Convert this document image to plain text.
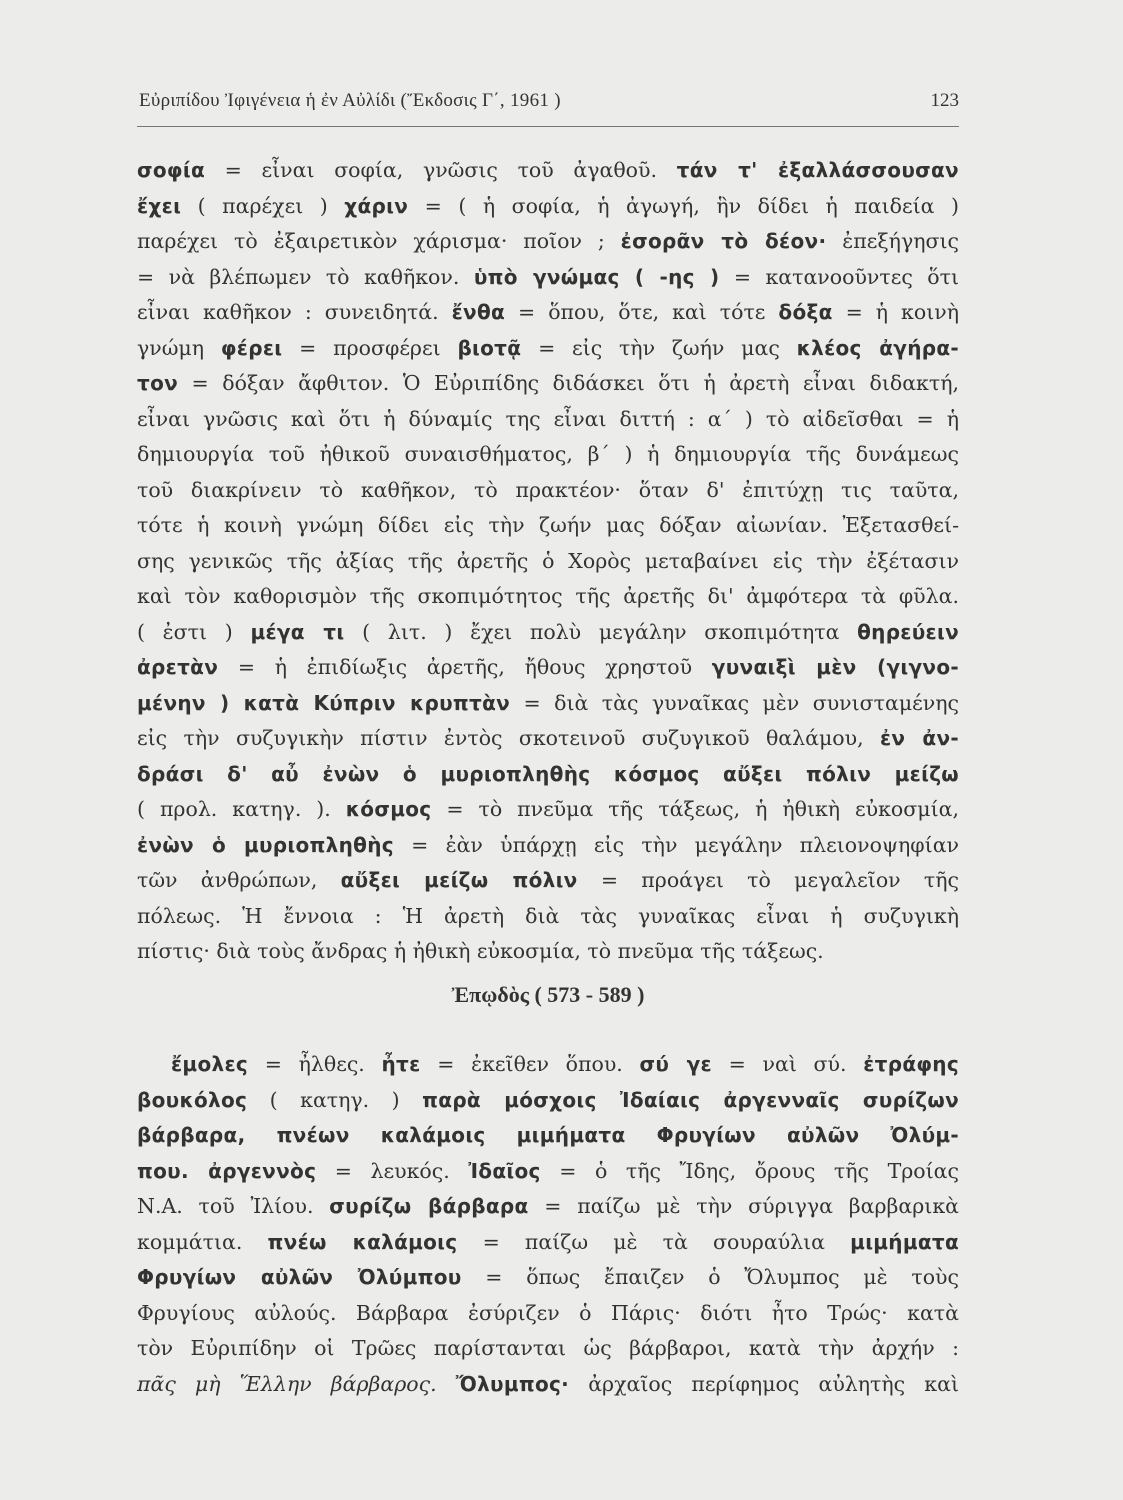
Εὐριπίδου Ἰφιγένεια ἡ ἐν Αὐλίδι (Ἔκδοσις Γ΄, 1961 )	123
σοφία = εἶναι σοφία, γνῶσις τοῦ ἀγαθοῦ. τάν τ' ἐξαλλάσσουσαν
ἔχει ( παρέχει ) χάριν = ( ἡ σοφία, ἡ ἀγωγή, ἣν δίδει ἡ παιδεία )
παρέχει τὸ ἐξαιρετικὸν χάρισμα· ποῖον ; ἐσορᾶν τὸ δέον· ἐπεξήγησις
= νὰ βλέπωμεν τὸ καθῆκον. ὑπὸ γνώμας ( -ης ) = κατανοοῦντες ὅτι
εἶναι καθῆκον : συνειδητά. ἔνθα = ὅπου, ὅτε, καὶ τότε δόξα = ἡ κοινὴ
γνώμη φέρει = προσφέρει βιοτᾷ = εἰς τὴν ζωήν μας κλέος ἀγήρα-
τον = δόξαν ἄφθιτον. Ὁ Εὐριπίδης διδάσκει ὅτι ἡ ἀρετὴ εἶναι διδακτή,
εἶναι γνῶσις καὶ ὅτι ἡ δύναμίς της εἶναι διττή : α΄ ) τὸ αἰδεῖσθαι = ἡ
δημιουργία τοῦ ἠθικοῦ συναισθήματος, β΄ ) ἡ δημιουργία τῆς δυνάμεως
τοῦ διακρίνειν τὸ καθῆκον, τὸ πρακτέον· ὅταν δ' ἐπιτύχῃ τις ταῦτα,
τότε ἡ κοινὴ γνώμη δίδει εἰς τὴν ζωήν μας δόξαν αἰωνίαν. Ἐξετασθεί-
σης γενικῶς τῆς ἀξίας τῆς ἀρετῆς ὁ Χορὸς μεταβαίνει εἰς τὴν ἐξέτασιν
καὶ τὸν καθορισμὸν τῆς σκοπιμότητος τῆς ἀρετῆς δι' ἀμφότερα τὰ φῦλα.
( ἐστι ) μέγα τι ( λιτ. ) ἔχει πολὺ μεγάλην σκοπιμότητα θηρεύειν
ἀρετὰν = ἡ ἐπιδίωξις ἀρετῆς, ἤθους χρηστοῦ γυναιξὶ μὲν (γιγνο-
μένην ) κατὰ Κύπριν κρυπτὰν = διὰ τὰς γυναῖκας μὲν συνισταμένης
εἰς τὴν συζυγικὴν πίστιν ἐντὸς σκοτεινοῦ συζυγικοῦ θαλάμου, ἐν ἀν-
δράσι δ' αὖ ἐνὼν ὁ μυριοπληθὴς κόσμος αὔξει πόλιν μείζω
( προλ. κατηγ. ). κόσμος = τὸ πνεῦμα τῆς τάξεως, ἡ ἠθικὴ εὐκοσμία,
ἐνὼν ὁ μυριοπληθὴς = ἐὰν ὑπάρχῃ εἰς τὴν μεγάλην πλειονοψηφίαν
τῶν ἀνθρώπων, αὔξει μείζω πόλιν = προάγει τὸ μεγαλεῖον τῆς
πόλεως. Ἡ ἔννοια : Ἡ ἀρετὴ διὰ τὰς γυναῖκας εἶναι ἡ συζυγικὴ
πίστις· διὰ τοὺς ἄνδρας ἡ ἠθικὴ εὐκοσμία, τὸ πνεῦμα τῆς τάξεως.
Ἐπῳδὸς ( 573 - 589 )
ἔμολες = ἦλθες. ἦτε = ἐκεῖθεν ὅπου. σύ γε = ναὶ σύ. ἐτράφης
βουκόλος ( κατηγ. ) παρὰ μόσχοις Ἰδαίαις ἀργενναῖς συρίζων
βάρβαρα, πνέων καλάμοις μιμήματα Φρυγίων αὐλῶν Ὀλύμ-
που. ἀργεννὸς = λευκός. Ἰδαῖος = ὁ τῆς Ἴδης, ὄρους τῆς Τροίας
Ν.Α. τοῦ Ἰλίου. συρίζω βάρβαρα = παίζω μὲ τὴν σύριγγα βαρβαρικὰ
κομμάτια. πνέω καλάμοις = παίζω μὲ τὰ σουραύλια μιμήματα
Φρυγίων αὐλῶν Ὀλύμπου = ὅπως ἔπαιζεν ὁ Ὄλυμπος μὲ τοὺς
Φρυγίους αὐλούς. Βάρβαρα ἐσύριζεν ὁ Πάρις· διότι ἦτο Τρώς· κατὰ
τὸν Εὐριπίδην οἱ Τρῶες παρίστανται ὡς βάρβαροι, κατὰ τὴν ἀρχήν :
πᾶς μὴ Ἕλλην βάρβαρος. Ὄλυμπος· ἀρχαῖος περίφημος αὐλητὴς καὶ
